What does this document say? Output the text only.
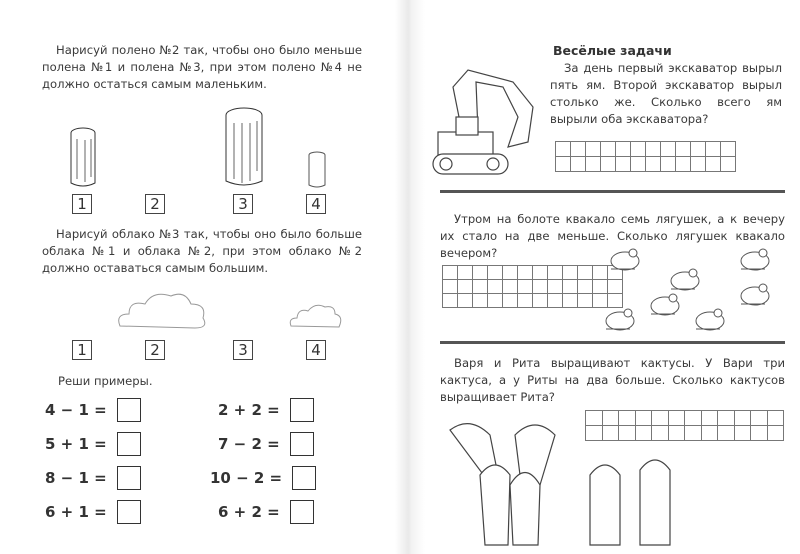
Нарисуй полено №2 так, чтобы оно было меньше полена №1 и полена №3, при этом полено №4 не должно остаться самым маленьким.

1	2	3	4

Нарисуй облако №3 так, чтобы оно было больше облака №1 и облака №2, при этом облако №2 должно оставаться самым большим.

1	2	3	4

Реши примеры.

4 − 1 =
5 + 1 =
8 − 1 =
6 + 1 =
2 + 2 =
7 − 2 =
10 − 2 =
6 + 2 =
Весёлые задачи

За день первый экскаватор вырыл пять ям. Второй экскаватор вырыл столько же. Сколько всего ям вырыли оба экскаватора?

Утром на болоте квакало семь лягушек, а к вечеру их стало на две меньше. Сколько лягушек квакало вечером?

Варя и Рита выращивают кактусы. У Вари три кактуса, а у Риты на два больше. Сколько кактусов выращивает Рита?
